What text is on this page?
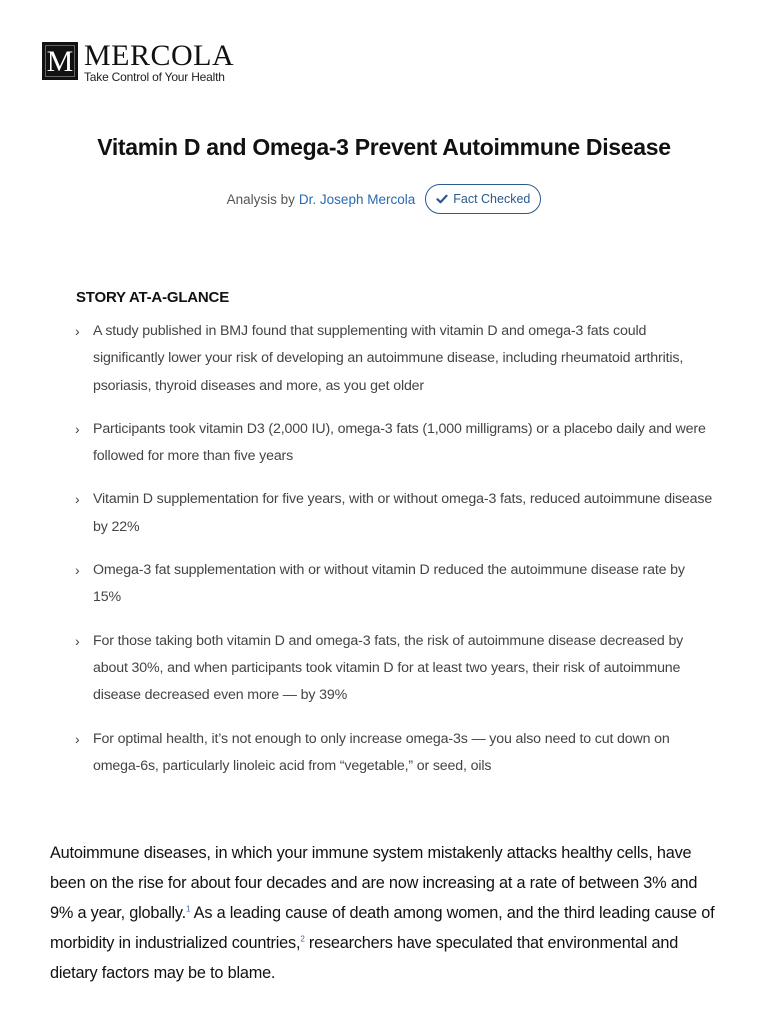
M MERCOLA
Take Control of Your Health
Vitamin D and Omega-3 Prevent Autoimmune Disease
Analysis by Dr. Joseph Mercola	Fact Checked
STORY AT-A-GLANCE
› A study published in BMJ found that supplementing with vitamin D and omega-3 fats could significantly lower your risk of developing an autoimmune disease, including rheumatoid arthritis, psoriasis, thyroid diseases and more, as you get older
› Participants took vitamin D3 (2,000 IU), omega-3 fats (1,000 milligrams) or a placebo daily and were followed for more than five years
› Vitamin D supplementation for five years, with or without omega-3 fats, reduced autoimmune disease by 22%
› Omega-3 fat supplementation with or without vitamin D reduced the autoimmune disease rate by 15%
› For those taking both vitamin D and omega-3 fats, the risk of autoimmune disease decreased by about 30%, and when participants took vitamin D for at least two years, their risk of autoimmune disease decreased even more — by 39%
› For optimal health, it’s not enough to only increase omega-3s — you also need to cut down on omega-6s, particularly linoleic acid from “vegetable,” or seed, oils

Autoimmune diseases, in which your immune system mistakenly attacks healthy cells, have been on the rise for about four decades and are now increasing at a rate of between 3% and 9% a year, globally.$^1$ As a leading cause of death among women, and the third leading cause of morbidity in industrialized countries,$^2$ researchers have speculated that environmental and dietary factors may be to blame.
